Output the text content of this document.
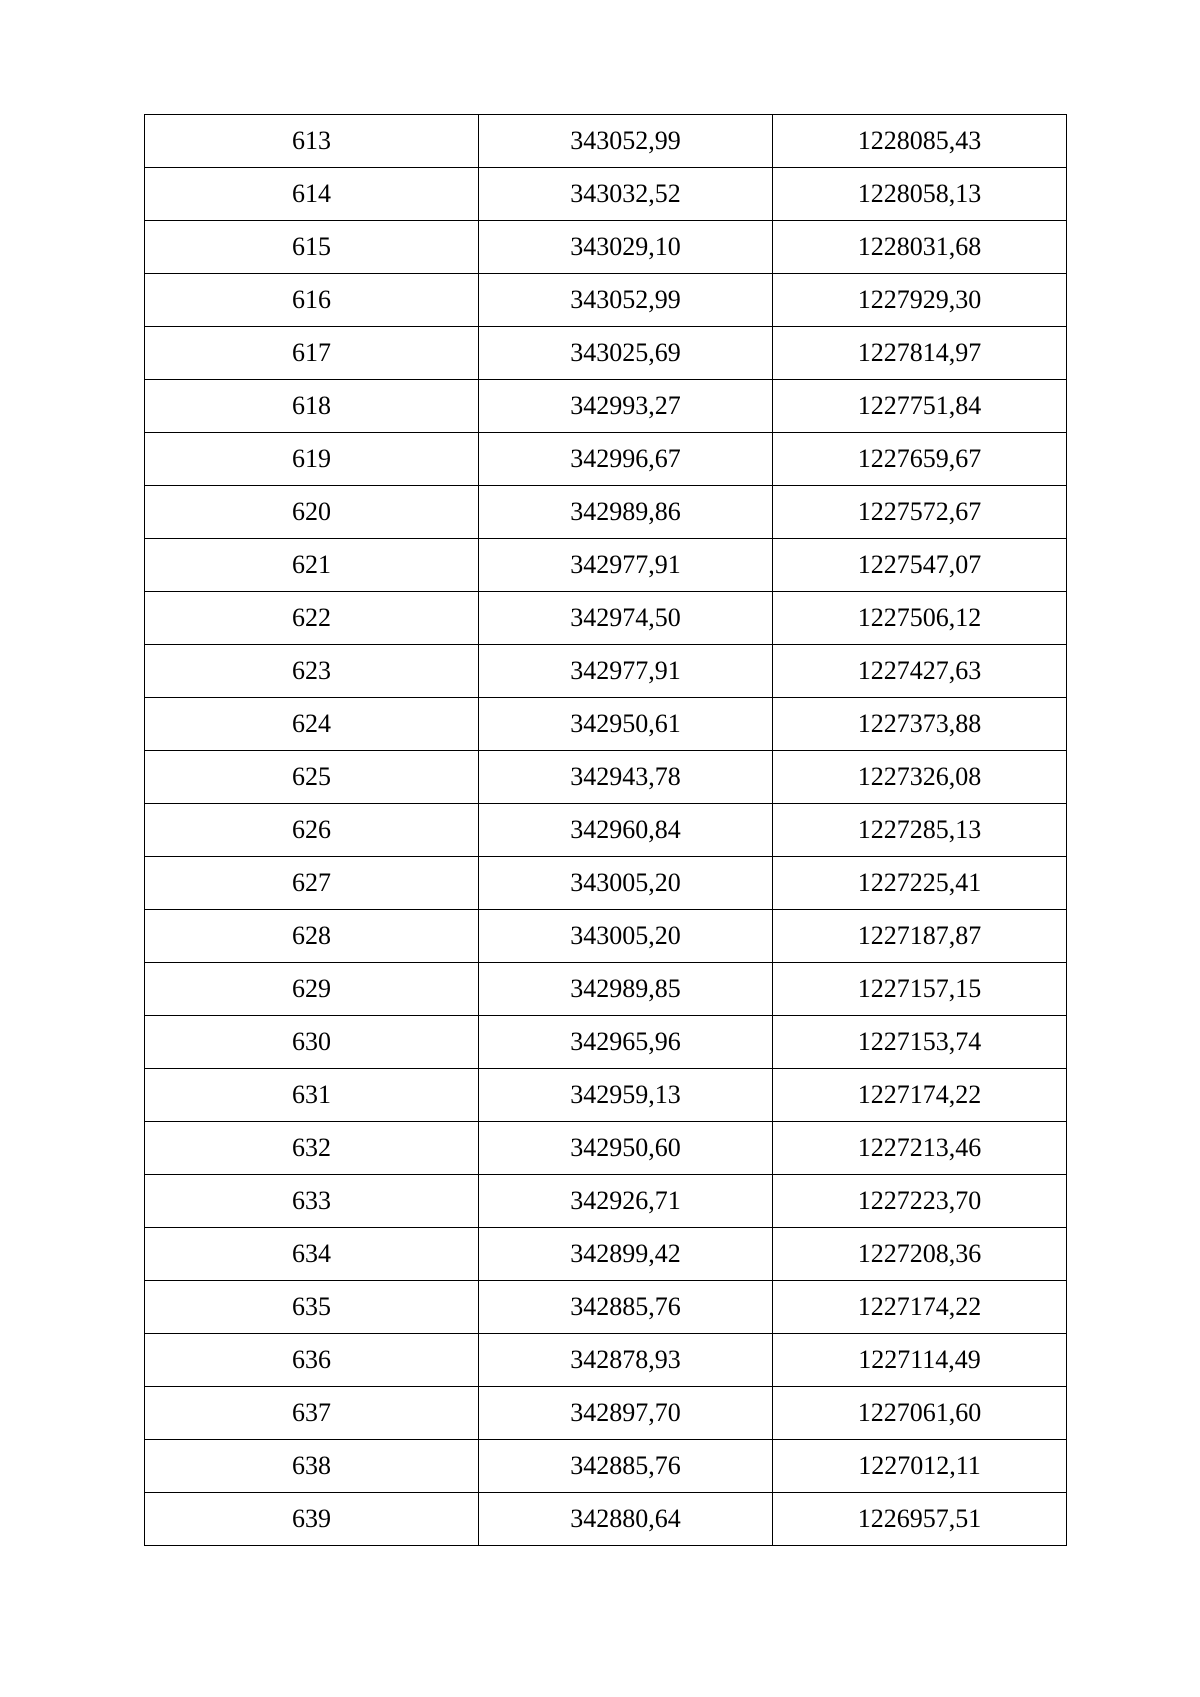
613	343052,99	1228085,43
614	343032,52	1228058,13
615	343029,10	1228031,68
616	343052,99	1227929,30
617	343025,69	1227814,97
618	342993,27	1227751,84
619	342996,67	1227659,67
620	342989,86	1227572,67
621	342977,91	1227547,07
622	342974,50	1227506,12
623	342977,91	1227427,63
624	342950,61	1227373,88
625	342943,78	1227326,08
626	342960,84	1227285,13
627	343005,20	1227225,41
628	343005,20	1227187,87
629	342989,85	1227157,15
630	342965,96	1227153,74
631	342959,13	1227174,22
632	342950,60	1227213,46
633	342926,71	1227223,70
634	342899,42	1227208,36
635	342885,76	1227174,22
636	342878,93	1227114,49
637	342897,70	1227061,60
638	342885,76	1227012,11
639	342880,64	1226957,51
